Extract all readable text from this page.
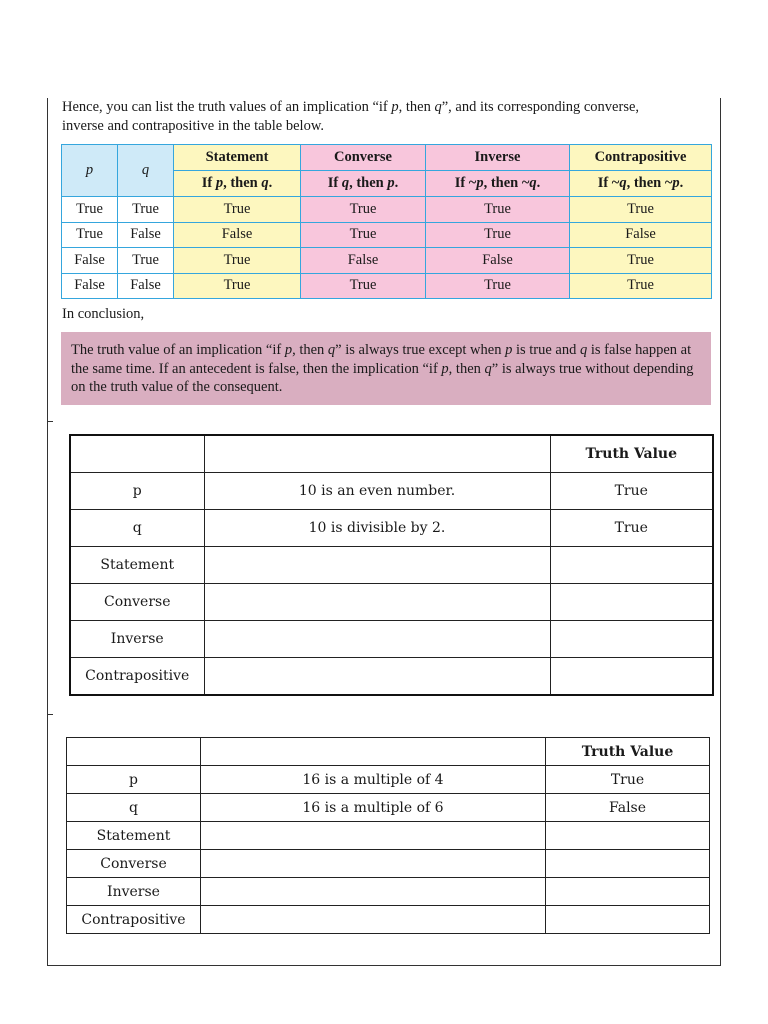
Hence, you can list the truth values of an implication “if p, then q”, and its corresponding converse,
inverse and contrapositive in the table below.
p	q	Statement	Converse	Inverse	Contrapositive
		If p, then q.	If q, then p.	If ~p, then ~q.	If ~q, then ~p.
True	True	True	True	True	True
True	False	False	True	True	False
False	True	True	False	False	True
False	False	True	True	True	True
In conclusion,
The truth value of an implication “if p, then q” is always true except when p is true and q is false happen at the same time. If an antecedent is false, then the implication “if p, then q” is always true without depending on the truth value of the consequent.
		Truth Value
p	10 is an even number.	True
q	10 is divisible by 2.	True
Statement		
Converse		
Inverse		
Contrapositive		
		Truth Value
p	16 is a multiple of 4	True
q	16 is a multiple of 6	False
Statement		
Converse		
Inverse		
Contrapositive		
